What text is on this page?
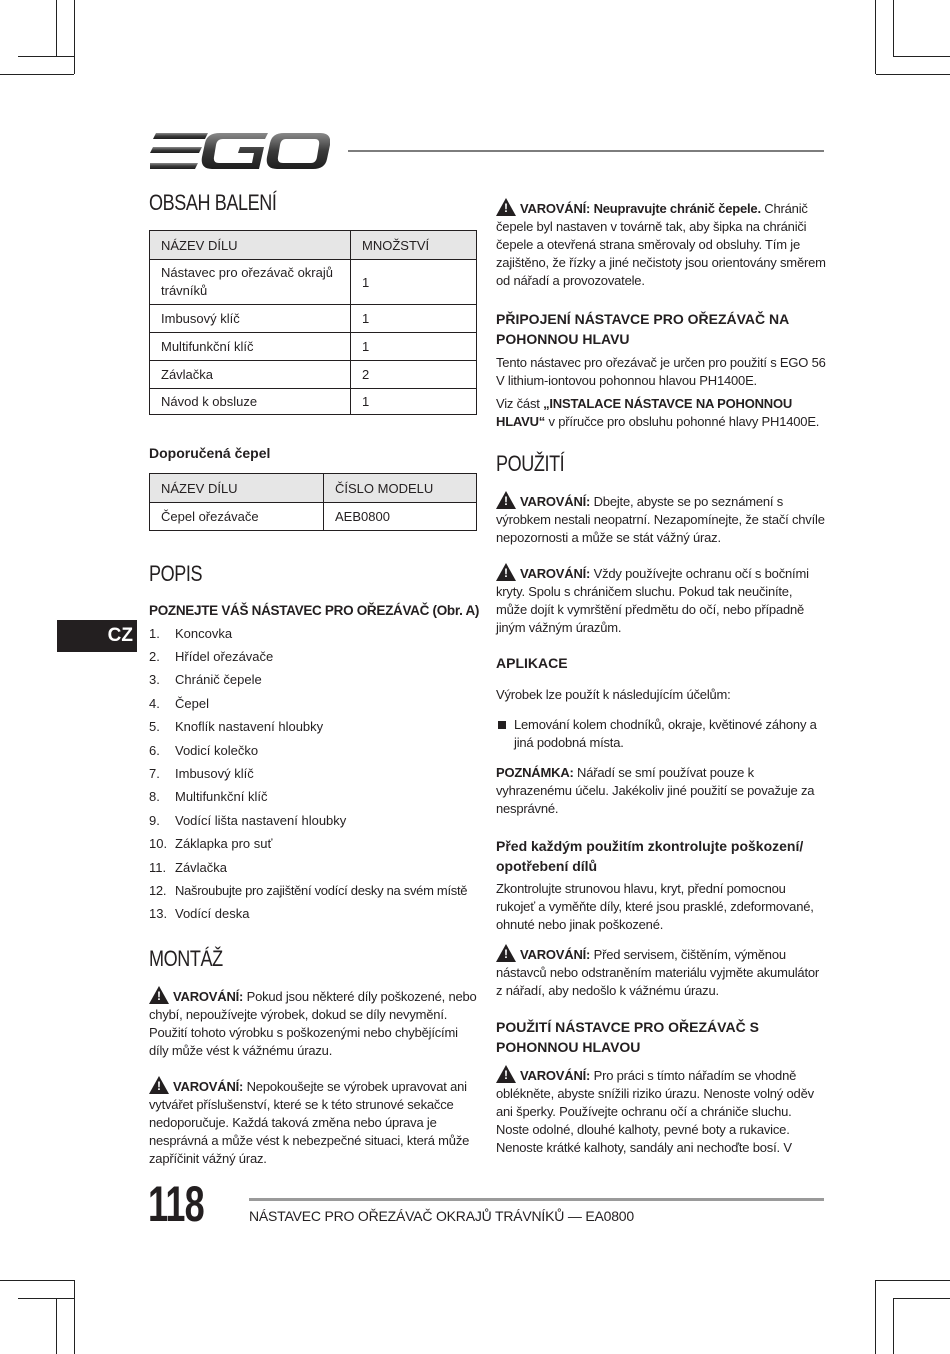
CZ
OBSAH BALENÍ
NÁZEV DÍLU	MNOŽSTVÍ
Nástavec pro ořezávač okrajů trávníků	1
Imbusový klíč	1
Multifunkční klíč	1
Závlačka	2
Návod k obsluze	1
Doporučená čepel
NÁZEV DÍLU	ČÍSLO MODELU
Čepel ořezávače	AEB0800
POPIS
POZNEJTE VÁŠ NÁSTAVEC PRO OŘEZÁVAČ (Obr. A)
1.	Koncovka
2.	Hřídel ořezávače
3.	Chránič čepele
4.	Čepel
5.	Knoflík nastavení hloubky
6.	Vodicí kolečko
7.	Imbusový klíč
8.	Multifunkční klíč
9.	Vodící lišta nastavení hloubky
10. Záklapka pro suť
11. Závlačka
12. Našroubujte pro zajištění vodící desky na svém místě
13. Vodící deska
MONTÁŽ

!VAROVÁNÍ: Pokud jsou některé díly poškozené, nebo chybí, nepoužívejte výrobek, dokud se díly nevymění. Použití tohoto výrobku s poškozenými nebo chybějícími díly může vést k vážnému úrazu.

!VAROVÁNÍ: Nepokoušejte se výrobek upravovat ani vytvářet příslušenství, které se k této strunové sekačce nedoporučuje. Každá taková změna nebo úprava je nesprávná a může vést k nebezpečné situaci, která může zapříčinit vážný úraz.

!VAROVÁNÍ: Neupravujte chránič čepele. Chránič čepele byl nastaven v továrně tak, aby šipka na chrániči čepele a otevřená strana směrovaly od obsluhy. Tím je zajištěno, že řízky a jiné nečistoty jsou orientovány směrem od nářadí a provozovatele.

PŘIPOJENÍ NÁSTAVCE PRO OŘEZÁVAČ NA POHONNOU HLAVU

Tento nástavec pro ořezávač je určen pro použití s EGO 56 V lithium-iontovou pohonnou hlavou PH1400E.

Viz část „INSTALACE NÁSTAVCE NA POHONNOU HLAVU“ v příručce pro obsluhu pohonné hlavy PH1400E.

POUŽITÍ

!VAROVÁNÍ: Dbejte, abyste se po seznámení s výrobkem nestali neopatrní. Nezapomínejte, že stačí chvíle nepozornosti a může se stát vážný úraz.

!VAROVÁNÍ: Vždy používejte ochranu očí s bočními kryty. Spolu s chráničem sluchu. Pokud tak neučiníte, může dojít k vymrštění předmětu do očí, nebo případně jiným vážným úrazům.

APLIKACE

Výrobek lze použít k následujícím účelům:

Lemování kolem chodníků, okraje, květinové záhony a jiná podobná místa.

POZNÁMKA: Nářadí se smí používat pouze k vyhrazenému účelu. Jakékoliv jiné použití se považuje za nesprávné.

Před každým použitím zkontrolujte poškození/ opotřebení dílů

Zkontrolujte strunovou hlavu, kryt, přední pomocnou rukojeť a vyměňte díly, které jsou prasklé, zdeformované, ohnuté nebo jinak poškozené.

!VAROVÁNÍ: Před servisem, čištěním, výměnou nástavců nebo odstraněním materiálu vyjměte akumulátor z nářadí, aby nedošlo k vážnému úrazu.

POUŽITÍ NÁSTAVCE PRO OŘEZÁVAČ S POHONNOU HLAVOU

!VAROVÁNÍ: Pro práci s tímto nářadím se vhodně oblékněte, abyste snížili riziko úrazu. Nenoste volný oděv ani šperky. Používejte ochranu očí a chrániče sluchu. Noste odolné, dlouhé kalhoty, pevné boty a rukavice. Nenoste krátké kalhoty, sandály ani nechoďte bosí. V

118	NÁSTAVEC PRO OŘEZÁVAČ OKRAJŮ TRÁVNÍKŮ — EA0800
